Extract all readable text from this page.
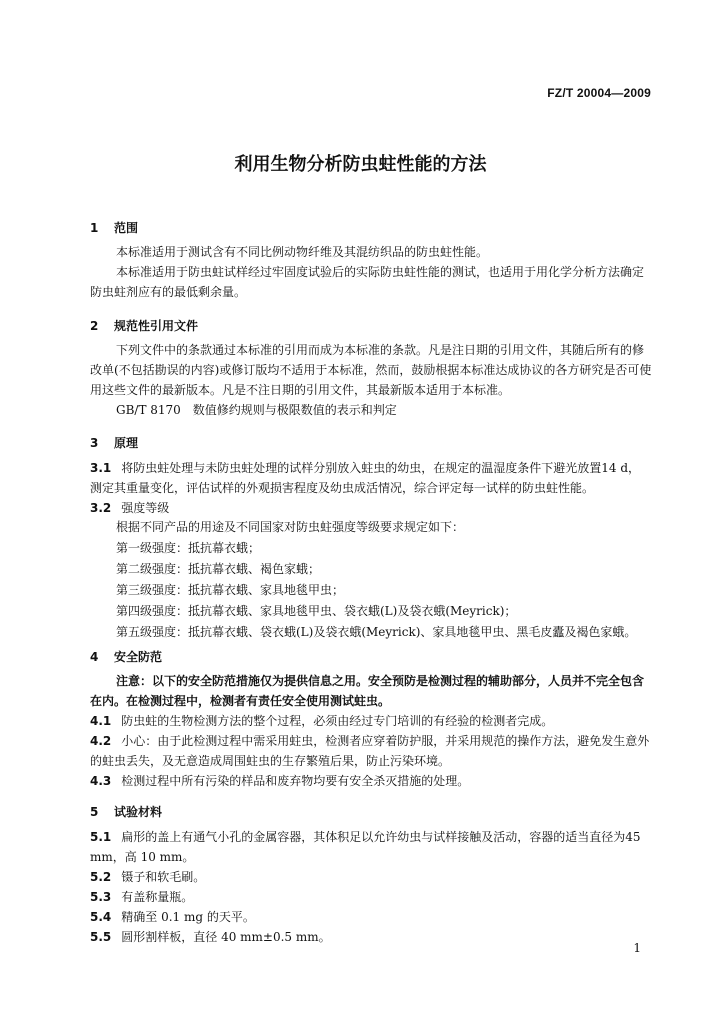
FZ/T 20004—2009
利用生物分析防虫蛀性能的方法
1 范围

本标准适用于测试含有不同比例动物纤维及其混纺织品的防虫蛀性能。

本标准适用于防虫蛀试样经过牢固度试验后的实际防虫蛀性能的测试，也适用于用化学分析方法确定防虫蛀剂应有的最低剩余量。

2 规范性引用文件

下列文件中的条款通过本标准的引用而成为本标准的条款。凡是注日期的引用文件，其随后所有的修改单(不包括勘误的内容)或修订版均不适用于本标准，然而，鼓励根据本标准达成协议的各方研究是否可使用这些文件的最新版本。凡是不注日期的引用文件，其最新版本适用于本标准。

GB/T 8170　数值修约规则与极限数值的表示和判定

3 原理
3.1 将防虫蛀处理与未防虫蛀处理的试样分别放入蛀虫的幼虫，在规定的温湿度条件下避光放置14 d，测定其重量变化，评估试样的外观损害程度及幼虫成活情况，综合评定每一试样的防虫蛀性能。
3.2 强度等级

根据不同产品的用途及不同国家对防虫蛀强度等级要求规定如下：

第一级强度：抵抗幕衣蛾；

第二级强度：抵抗幕衣蛾、褐色家蛾；

第三级强度：抵抗幕衣蛾、家具地毯甲虫；

第四级强度：抵抗幕衣蛾、家具地毯甲虫、袋衣蛾(L)及袋衣蛾(Meyrick)；

第五级强度：抵抗幕衣蛾、袋衣蛾(L)及袋衣蛾(Meyrick)、家具地毯甲虫、黑毛皮蠹及褐色家蛾。

4 安全防范

注意：以下的安全防范措施仅为提供信息之用。安全预防是检测过程的辅助部分，人员并不完全包含在内。在检测过程中，检测者有责任安全使用测试蛀虫。

4.1 防虫蛀的生物检测方法的整个过程，必须由经过专门培训的有经验的检测者完成。
4.2 小心：由于此检测过程中需采用蛀虫，检测者应穿着防护服，并采用规范的操作方法，避免发生意外的蛀虫丢失，及无意造成周围蛀虫的生存繁殖后果，防止污染环境。
4.3 检测过程中所有污染的样品和废弃物均要有安全杀灭措施的处理。
5 试验材料
5.1 扁形的盖上有通气小孔的金属容器，其体积足以允许幼虫与试样接触及活动，容器的适当直径为45 mm，高 10 mm。
5.2 镊子和软毛刷。
5.3 有盖称量瓶。
5.4 精确至 0.1 mg 的天平。
5.5 圆形割样板，直径 40 mm±0.5 mm。
1
